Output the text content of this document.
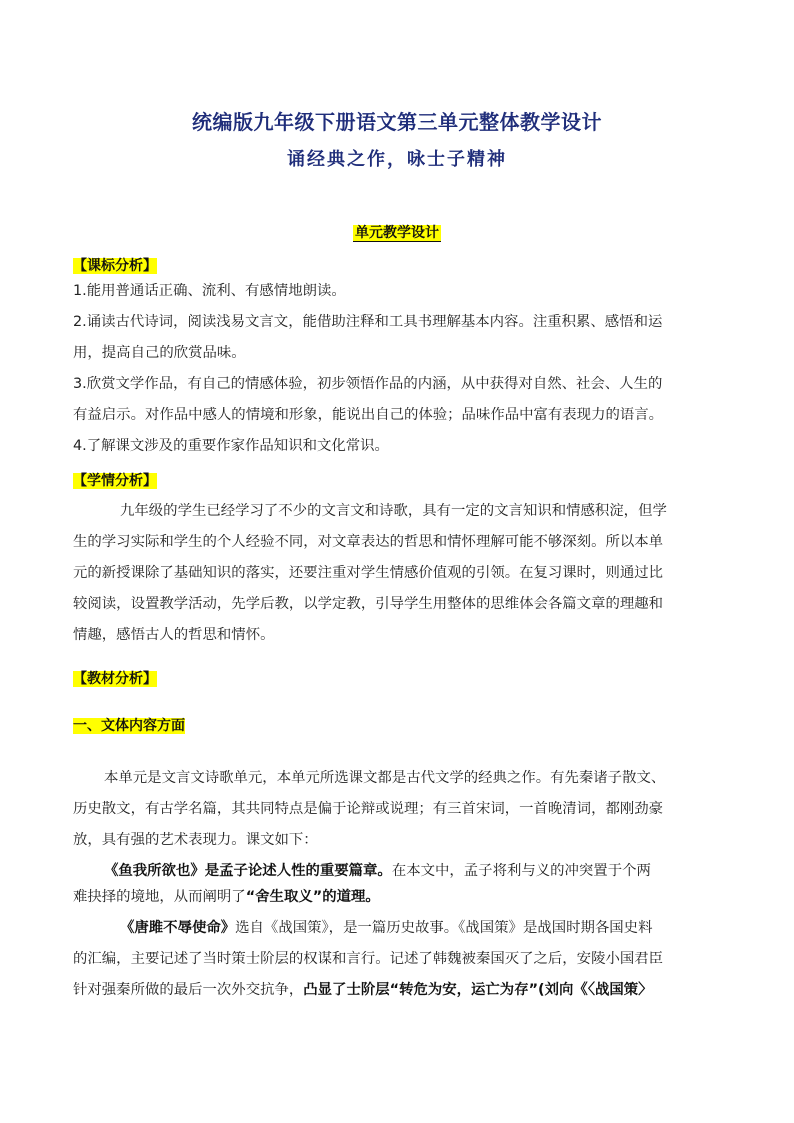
统编版九年级下册语文第三单元整体教学设计
诵经典之作，咏士子精神
单元教学设计
【课标分析】
1.能用普通话正确、流利、有感情地朗读。
2.诵读古代诗词，阅读浅易文言文，能借助注释和工具书理解基本内容。注重积累、感悟和运
用，提高自己的欣赏品味。
3.欣赏文学作品，有自己的情感体验，初步领悟作品的内涵，从中获得对自然、社会、人生的
有益启示。对作品中感人的情境和形象，能说出自己的体验；品味作品中富有表现力的语言。
4.了解课文涉及的重要作家作品知识和文化常识。
【学情分析】
九年级的学生已经学习了不少的文言文和诗歌，具有一定的文言知识和情感积淀，但学
生的学习实际和学生的个人经验不同，对文章表达的哲思和情怀理解可能不够深刻。所以本单
元的新授课除了基础知识的落实，还要注重对学生情感价值观的引领。在复习课时，则通过比
较阅读，设置教学活动，先学后教，以学定教，引导学生用整体的思维体会各篇文章的理趣和
情趣，感悟古人的哲思和情怀。
【教材分析】
一、文体内容方面
本单元是文言文诗歌单元，本单元所选课文都是古代文学的经典之作。有先秦诸子散文、
历史散文，有古学名篇，其共同特点是偏于论辩或说理；有三首宋词，一首晚清词，都刚劲豪
放，具有强的艺术表现力。课文如下：
《鱼我所欲也》是孟子论述人性的重要篇章。在本文中，孟子将利与义的冲突置于个两
难抉择的境地，从而阐明了“舍生取义”的道理。
《唐雎不辱使命》选自《战国策》，是一篇历史故事。《战国策》是战国时期各国史料
的汇编，主要记述了当时策士阶层的权谋和言行。记述了韩魏被秦国灭了之后，安陵小国君臣
针对强秦所做的最后一次外交抗争，凸显了士阶层“转危为安，运亡为存”(刘向《〈战国策〉
